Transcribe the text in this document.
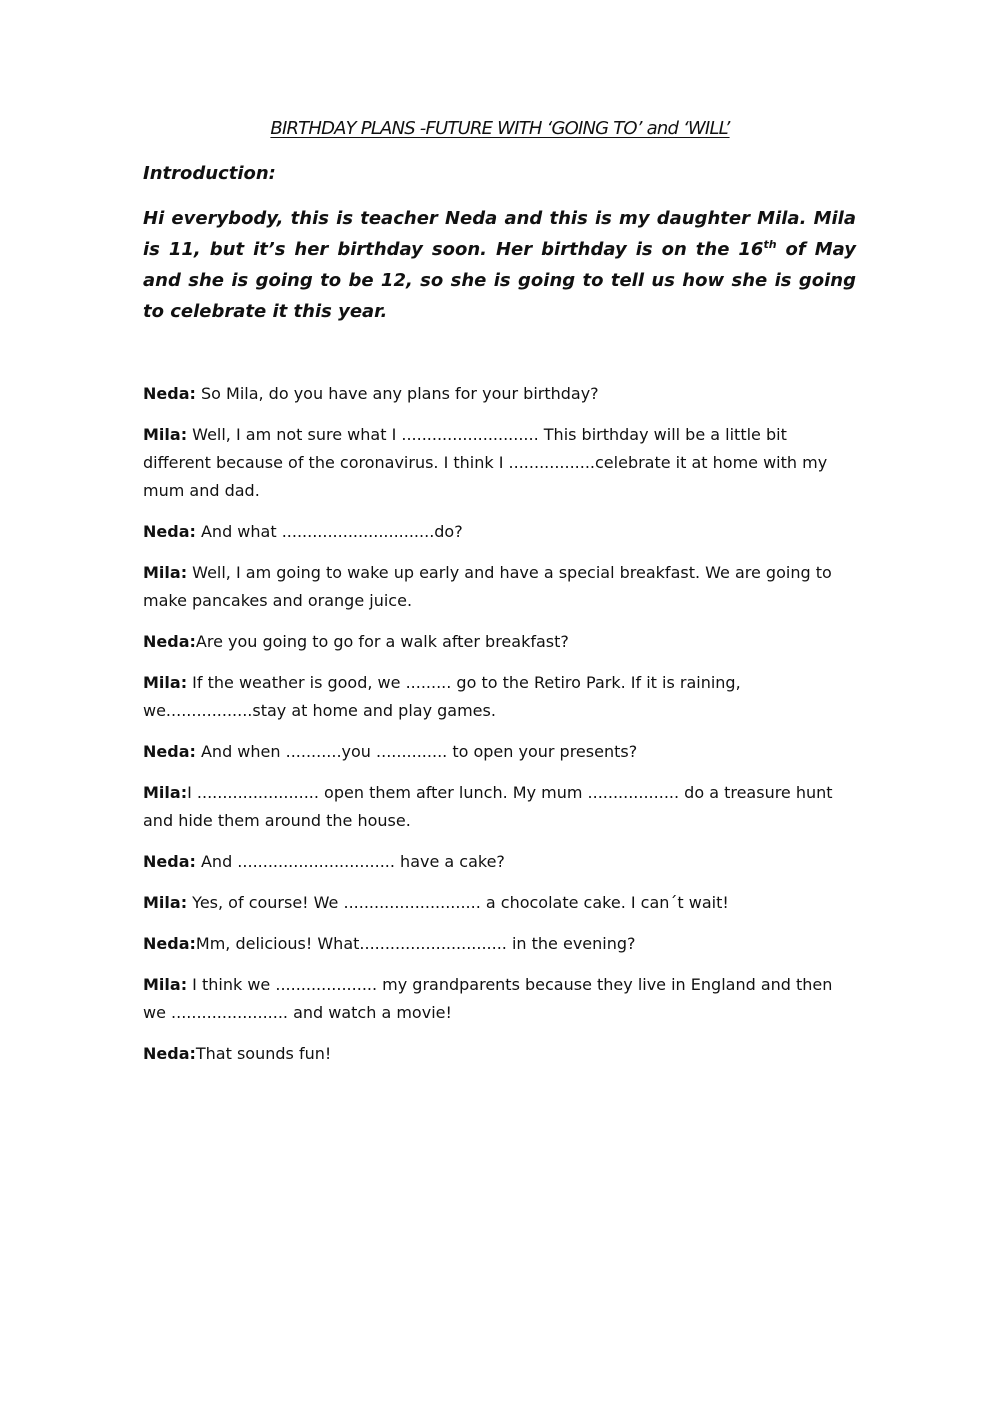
BIRTHDAY PLANS -FUTURE WITH ‘GOING TO’ and ‘WILL’

Introduction:

Hi everybody, this is teacher Neda and this is my daughter Mila. Mila is 11, but it’s her birthday soon. Her birthday is on the 16th of May and she is going to be 12, so she is going to tell us how she is going to celebrate it this year.

Neda: So Mila, do you have any plans for your birthday?

Mila: Well, I am not sure what I ........................... This birthday will be a little bit different because of the coronavirus. I think I .................celebrate it at home with my mum and dad.

Neda: And what ..............................do?

Mila: Well, I am going to wake up early and have a special breakfast. We are going to make pancakes and orange juice.

Neda:Are you going to go for a walk after breakfast?

Mila: If the weather is good, we ......... go to the Retiro Park. If it is raining, we.................stay at home and play games.

Neda: And when ...........you .............. to open your presents?

Mila:I ........................ open them after lunch. My mum .................. do a treasure hunt and hide them around the house.

Neda: And ............................... have a cake?

Mila: Yes, of course! We ........................... a chocolate cake. I can´t wait!

Neda:Mm, delicious! What............................. in the evening?

Mila: I think we .................... my grandparents because they live in England and then we ....................... and watch a movie!

Neda:That sounds fun!
